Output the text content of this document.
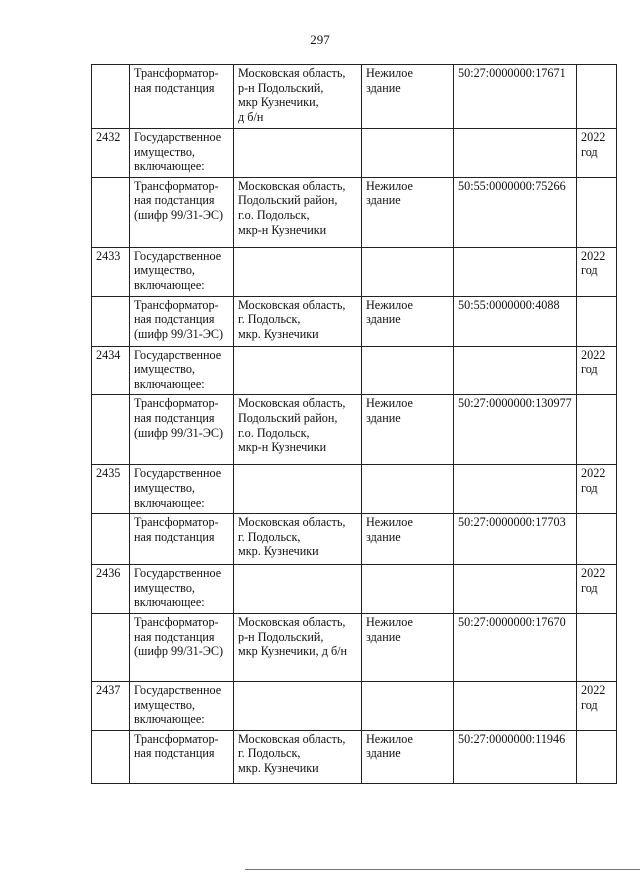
297

	Трансформатор-
ная подстанция	Московская область,
р-н Подольский,
мкр Кузнечики,
д б/н	Нежилое
здание	50:27:0000000:17671	

2432	Государственное
имущество,
включающее:				2022
год

	Трансформатор-
ная подстанция
(шифр 99/31-ЭС)	Московская область,
Подольский район,
г.о. Подольск,
мкр-н Кузнечики	Нежилое
здание	50:55:0000000:75266	

2433	Государственное
имущество,
включающее:				2022
год

	Трансформатор-
ная подстанция
(шифр 99/31-ЭС)	Московская область,
г. Подольск,
мкр. Кузнечики	Нежилое
здание	50:55:0000000:4088	

2434	Государственное
имущество,
включающее:				2022
год

	Трансформатор-
ная подстанция
(шифр 99/31-ЭС)	Московская область,
Подольский район,
г.о. Подольск,
мкр-н Кузнечики	Нежилое
здание	50:27:0000000:130977	

2435	Государственное
имущество,
включающее:				2022
год

	Трансформатор-
ная подстанция	Московская область,
г. Подольск,
мкр. Кузнечики	Нежилое
здание	50:27:0000000:17703	

2436	Государственное
имущество,
включающее:				2022
год

	Трансформатор-
ная подстанция
(шифр 99/31-ЭС)	Московская область,
р-н Подольский,
мкр Кузнечики, д б/н	Нежилое
здание	50:27:0000000:17670	

2437	Государственное
имущество,
включающее:				2022
год

	Трансформатор-
ная подстанция	Московская область,
г. Подольск,
мкр. Кузнечики	Нежилое
здание	50:27:0000000:11946	
